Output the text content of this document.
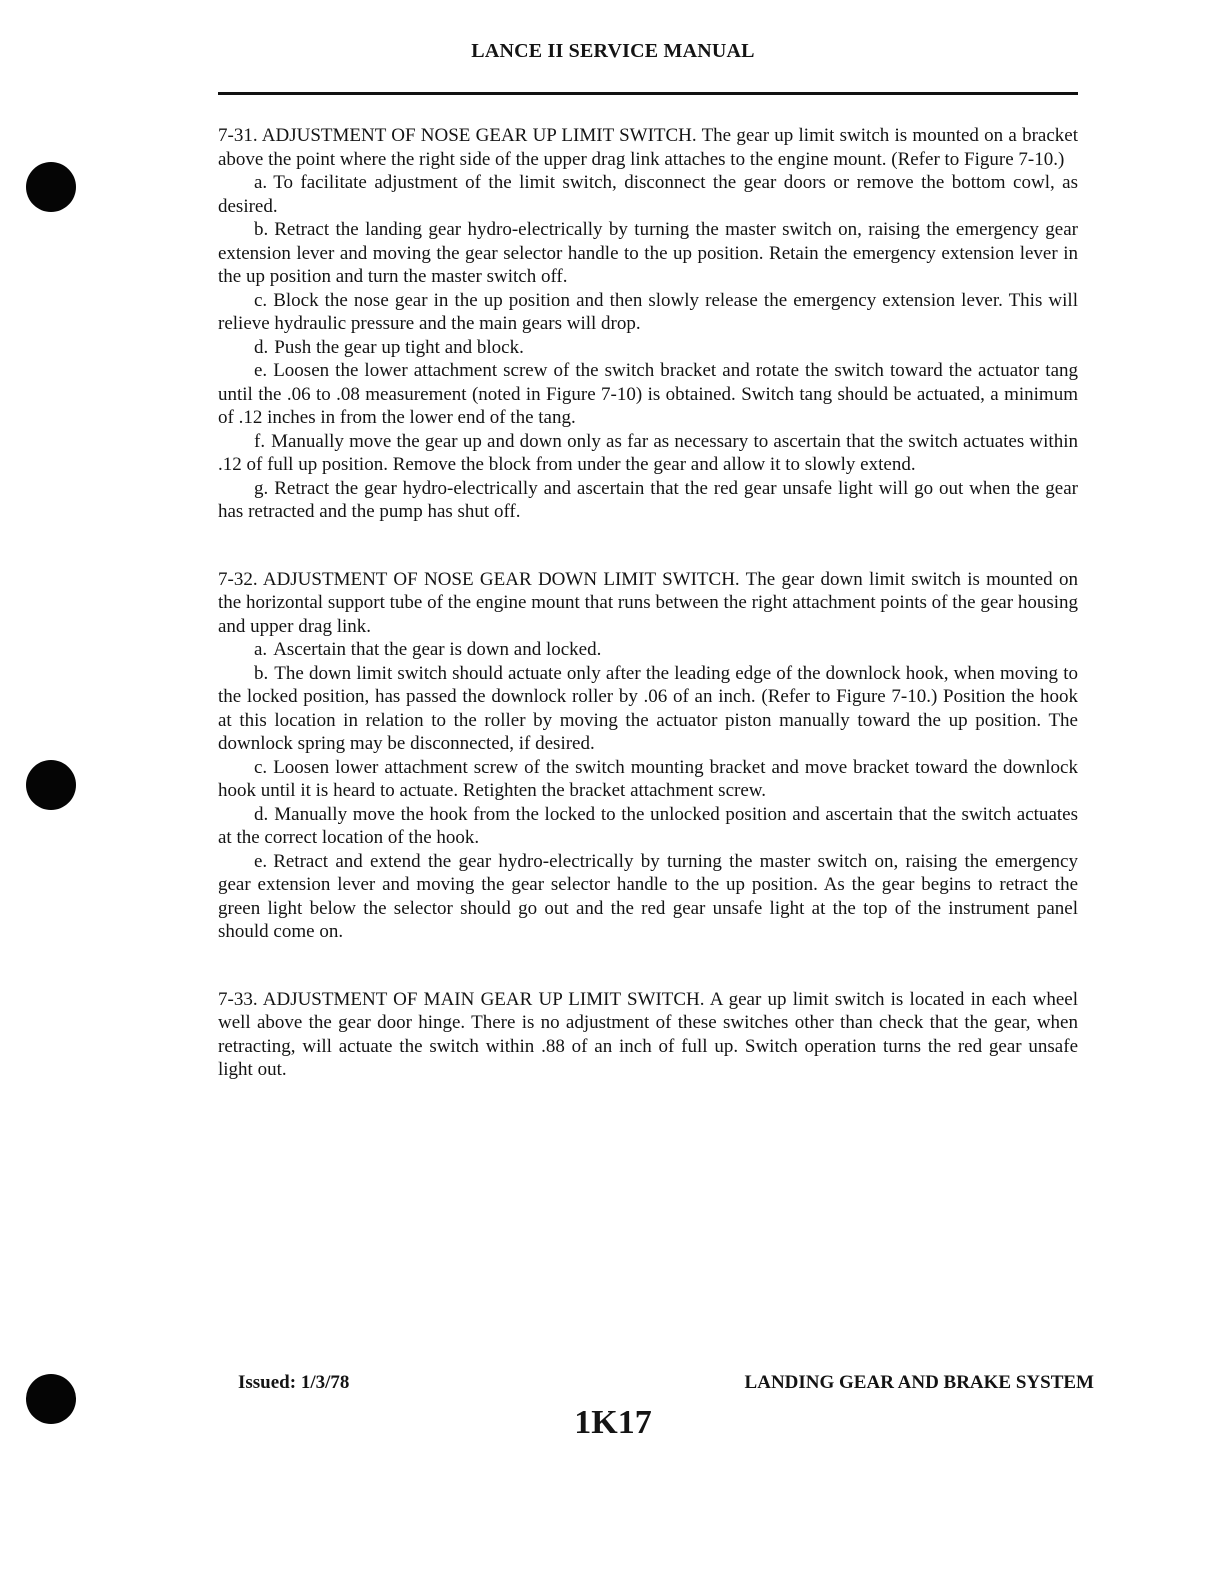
LANCE II SERVICE MANUAL

7-31. ADJUSTMENT OF NOSE GEAR UP LIMIT SWITCH. The gear up limit switch is mounted on a bracket above the point where the right side of the upper drag link attaches to the engine mount. (Refer to Figure 7-10.)

a. To facilitate adjustment of the limit switch, disconnect the gear doors or remove the bottom cowl, as desired.

b. Retract the landing gear hydro-electrically by turning the master switch on, raising the emergency gear extension lever and moving the gear selector handle to the up position. Retain the emergency extension lever in the up position and turn the master switch off.

c. Block the nose gear in the up position and then slowly release the emergency extension lever. This will relieve hydraulic pressure and the main gears will drop.

d. Push the gear up tight and block.

e. Loosen the lower attachment screw of the switch bracket and rotate the switch toward the actuator tang until the .06 to .08 measurement (noted in Figure 7-10) is obtained. Switch tang should be actuated, a minimum of .12 inches in from the lower end of the tang.

f. Manually move the gear up and down only as far as necessary to ascertain that the switch actuates within .12 of full up position. Remove the block from under the gear and allow it to slowly extend.

g. Retract the gear hydro-electrically and ascertain that the red gear unsafe light will go out when the gear has retracted and the pump has shut off.

7-32. ADJUSTMENT OF NOSE GEAR DOWN LIMIT SWITCH. The gear down limit switch is mounted on the horizontal support tube of the engine mount that runs between the right attachment points of the gear housing and upper drag link.

a. Ascertain that the gear is down and locked.

b. The down limit switch should actuate only after the leading edge of the downlock hook, when moving to the locked position, has passed the downlock roller by .06 of an inch. (Refer to Figure 7-10.) Position the hook at this location in relation to the roller by moving the actuator piston manually toward the up position. The downlock spring may be disconnected, if desired.

c. Loosen lower attachment screw of the switch mounting bracket and move bracket toward the downlock hook until it is heard to actuate. Retighten the bracket attachment screw.

d. Manually move the hook from the locked to the unlocked position and ascertain that the switch actuates at the correct location of the hook.

e. Retract and extend the gear hydro-electrically by turning the master switch on, raising the emergency gear extension lever and moving the gear selector handle to the up position. As the gear begins to retract the green light below the selector should go out and the red gear unsafe light at the top of the instrument panel should come on.

7-33. ADJUSTMENT OF MAIN GEAR UP LIMIT SWITCH. A gear up limit switch is located in each wheel well above the gear door hinge. There is no adjustment of these switches other than check that the gear, when retracting, will actuate the switch within .88 of an inch of full up. Switch operation turns the red gear unsafe light out.

Issued: 1/3/78	LANDING GEAR AND BRAKE SYSTEM
1K17
